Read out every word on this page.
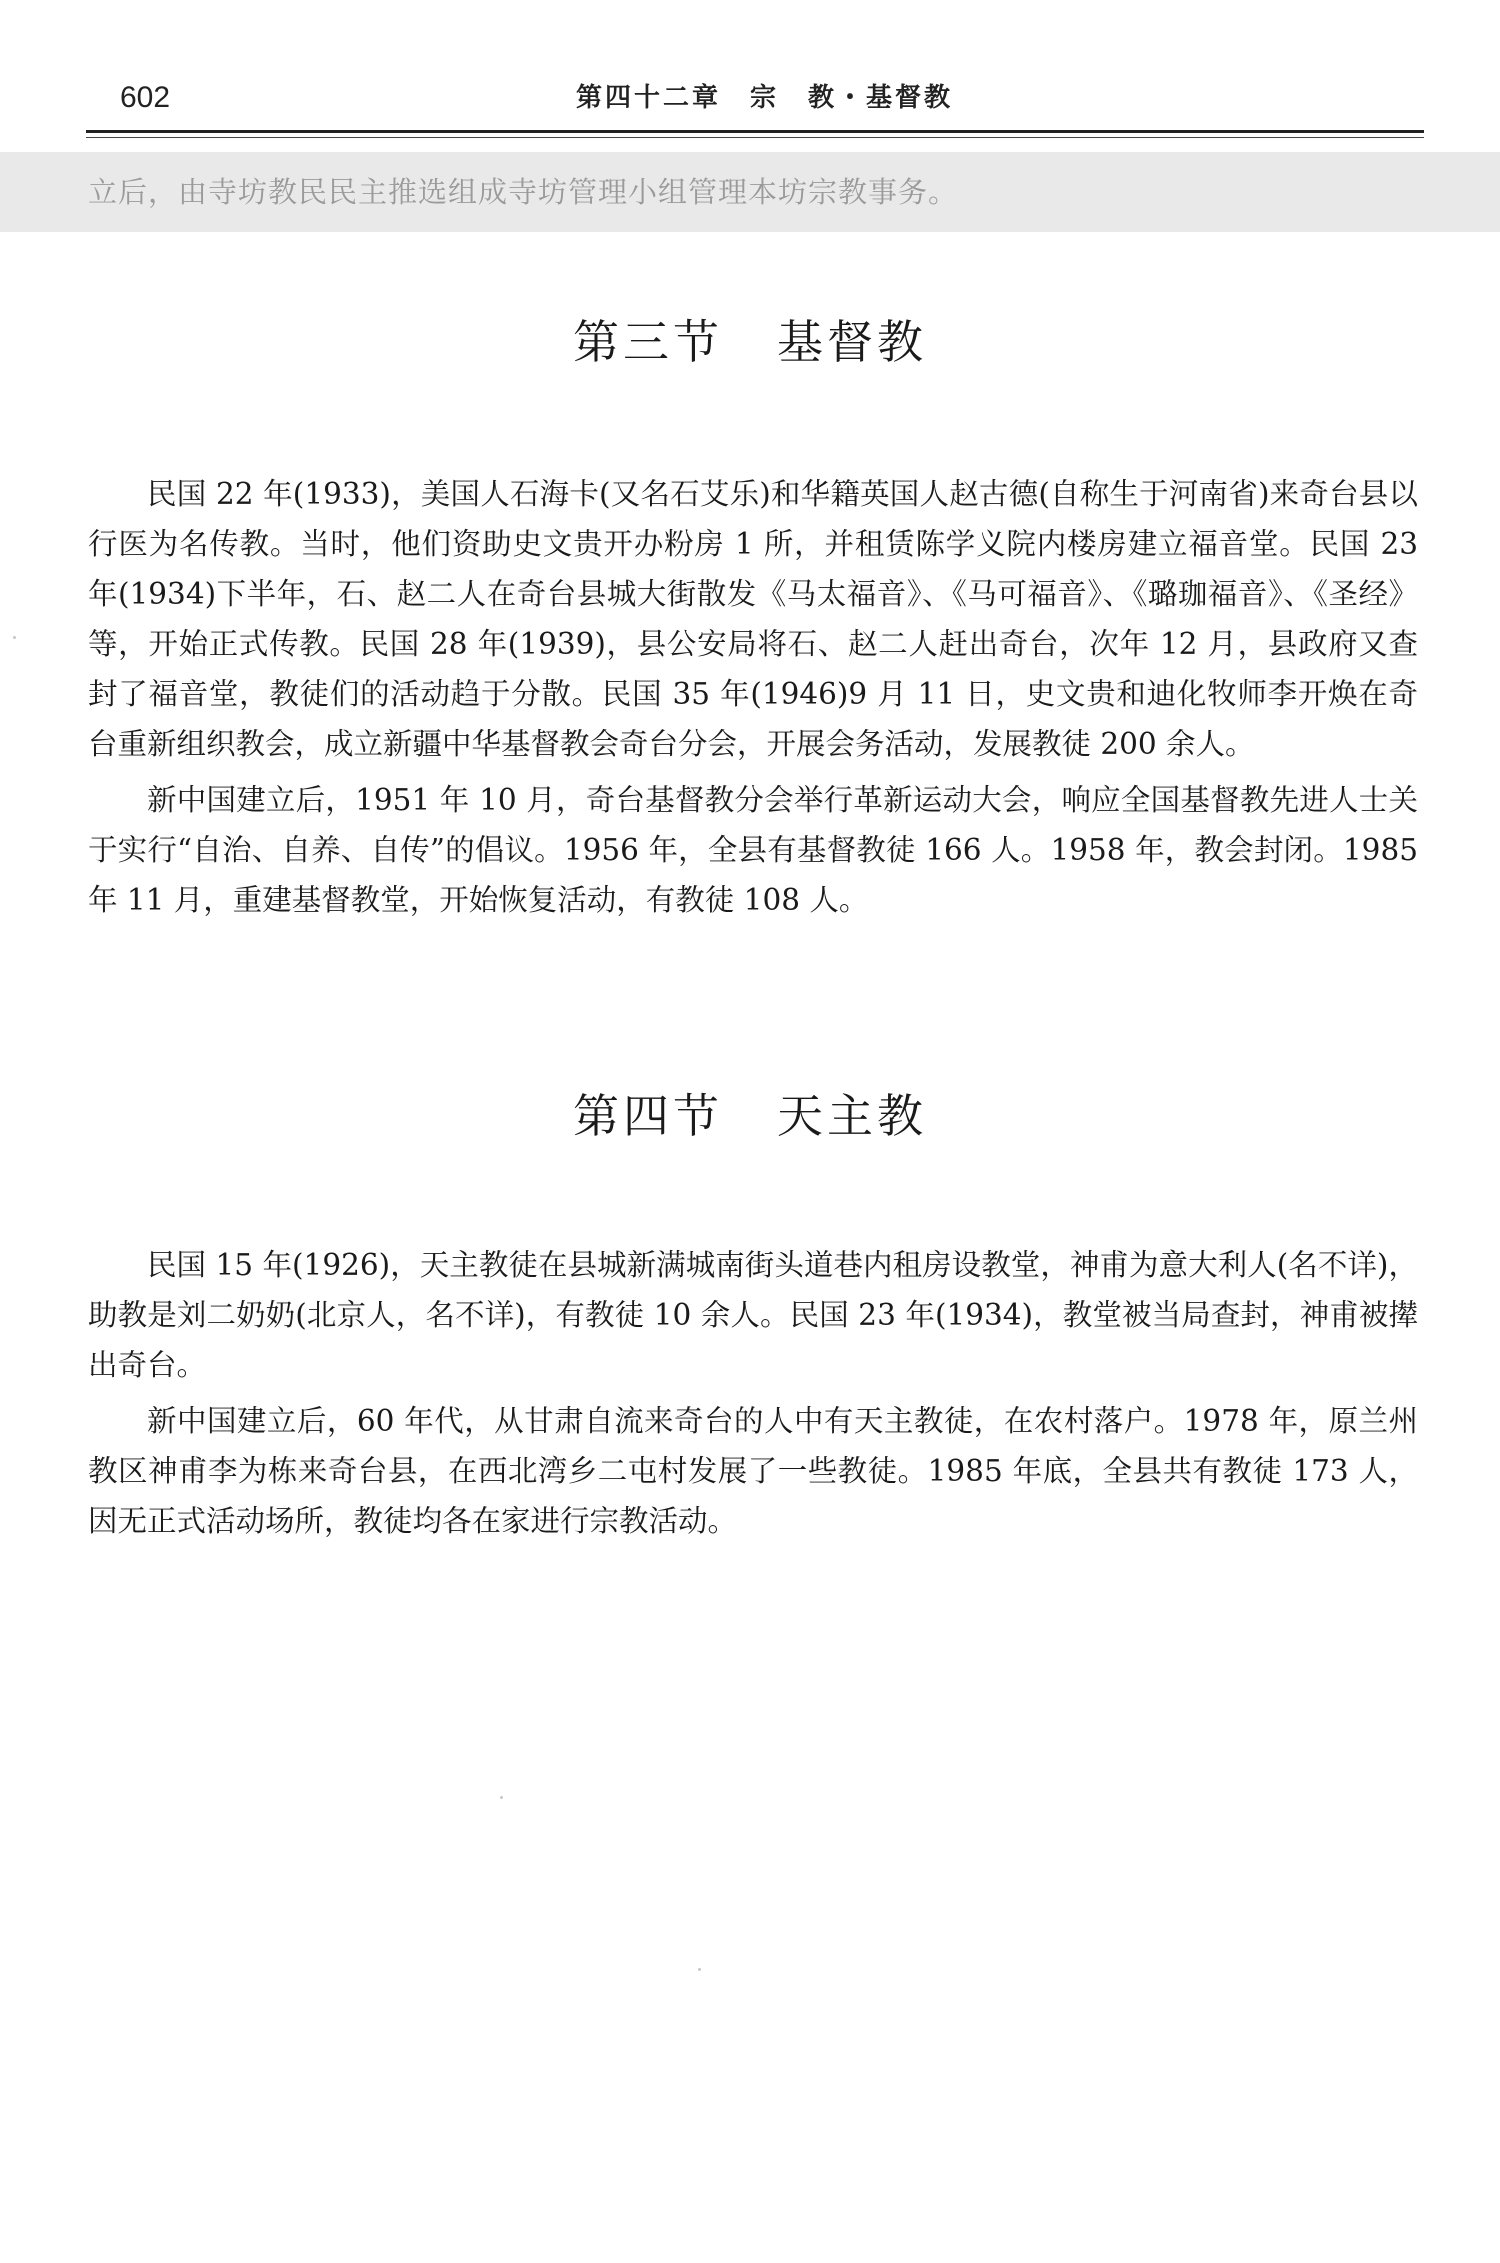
602	第四十二章　宗　教・基督教
立后，由寺坊教民民主推选组成寺坊管理小组管理本坊宗教事务。
第三节 基督教

民国 22 年(1933)，美国人石海卡(又名石艾乐)和华籍英国人赵古德(自称生于河南省)来奇台县以行医为名传教。当时，他们资助史文贵开办粉房 1 所，并租赁陈学义院内楼房建立福音堂。民国 23 年(1934)下半年，石、赵二人在奇台县城大街散发《马太福音》、《马可福音》、《璐珈福音》、《圣经》等，开始正式传教。民国 28 年(1939)，县公安局将石、赵二人赶出奇台，次年 12 月，县政府又查封了福音堂，教徒们的活动趋于分散。民国 35 年(1946)9 月 11 日，史文贵和迪化牧师李开焕在奇台重新组织教会，成立新疆中华基督教会奇台分会，开展会务活动，发展教徒 200 余人。

新中国建立后，1951 年 10 月，奇台基督教分会举行革新运动大会，响应全国基督教先进人士关于实行“自治、自养、自传”的倡议。1956 年，全县有基督教徒 166 人。1958 年，教会封闭。1985 年 11 月，重建基督教堂，开始恢复活动，有教徒 108 人。

第四节 天主教

民国 15 年(1926)，天主教徒在县城新满城南街头道巷内租房设教堂，神甫为意大利人(名不详)，助教是刘二奶奶(北京人，名不详)，有教徒 10 余人。民国 23 年(1934)，教堂被当局查封，神甫被撵出奇台。

新中国建立后，60 年代，从甘肃自流来奇台的人中有天主教徒，在农村落户。1978 年，原兰州教区神甫李为栋来奇台县，在西北湾乡二屯村发展了一些教徒。1985 年底，全县共有教徒 173 人，因无正式活动场所，教徒均各在家进行宗教活动。
